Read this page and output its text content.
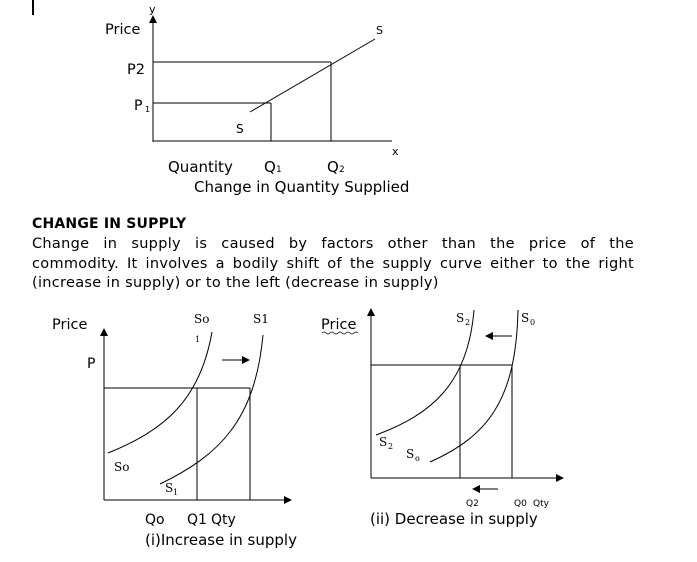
y
Price
P2
P 1
S
S
x
Quantity Q 1	Q 2
Change in Quantity Supplied
Price
P
So
1
S1
So
S 1
Qo Q1 Qty
(i)Increase in supply
Price	S 2	S 0
S 2
S o
Q2	Q0 Qty
(ii) Decrease in supply
CHANGE IN SUPPLY
Change in supply is caused by factors other than the price of the
commodity. It involves a bodily shift of the supply curve either to the right
(increase in supply) or to the left (decrease in supply)
